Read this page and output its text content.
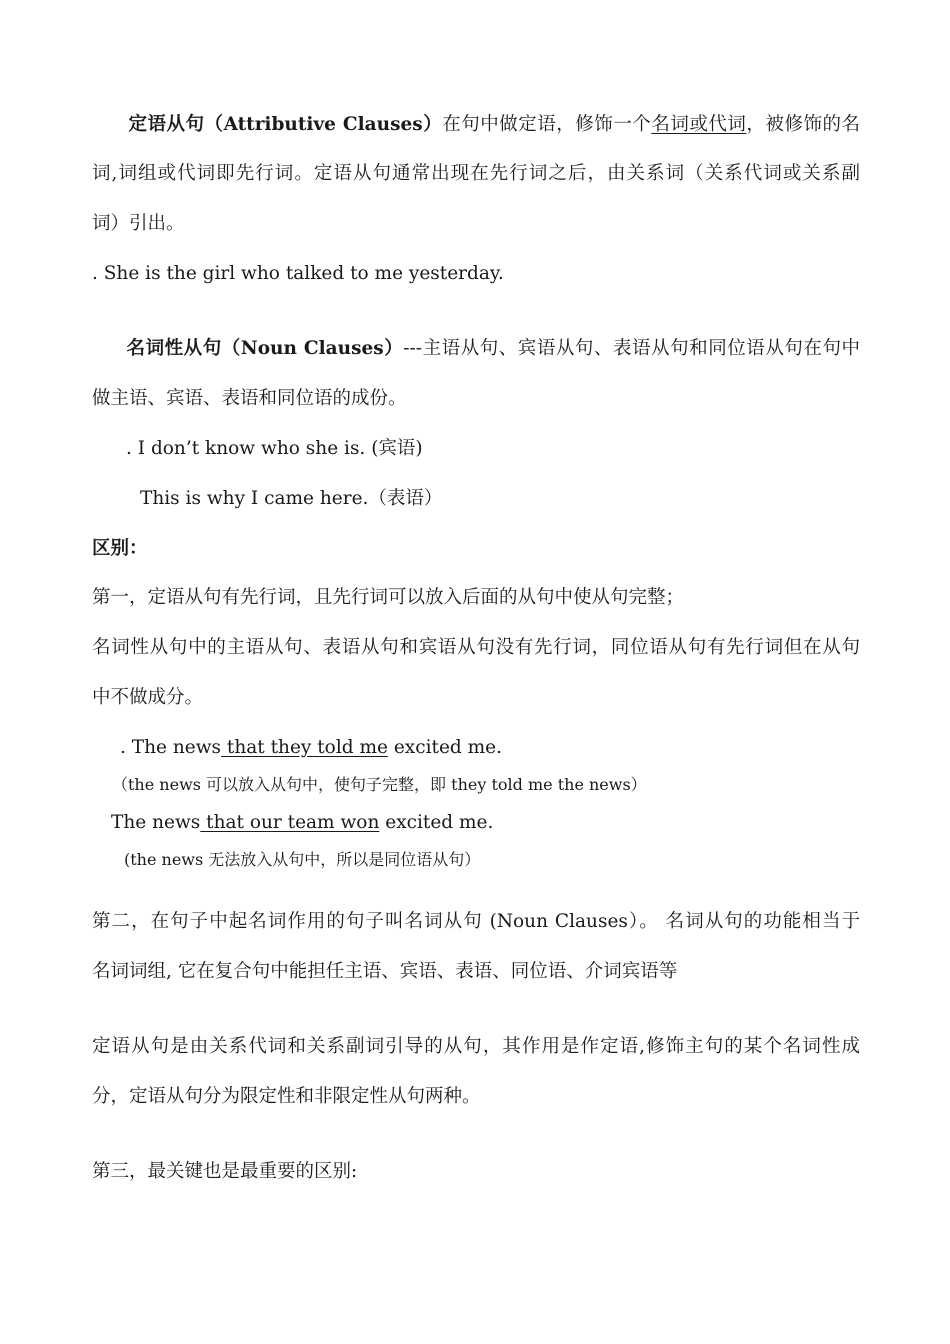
定语从句（Attributive Clauses）在句中做定语，修饰一个名词或代词，被修饰的名
词,词组或代词即先行词。定语从句通常出现在先行词之后，由关系词（关系代词或关系副
词）引出。
. She is the girl who talked to me yesterday.
名词性从句（Noun Clauses）---主语从句、宾语从句、表语从句和同位语从句在句中
做主语、宾语、表语和同位语的成份。
. I don’t know who she is. (宾语)
This is why I came here.（表语）
区别：
第一，定语从句有先行词，且先行词可以放入后面的从句中使从句完整；
名词性从句中的主语从句、表语从句和宾语从句没有先行词，同位语从句有先行词但在从句
中不做成分。
. The news that they told me excited me.
（the news 可以放入从句中，使句子完整，即 they told me the news）
The news that our team won excited me.
(the news 无法放入从句中，所以是同位语从句）
第二，在句子中起名词作用的句子叫名词从句 (Noun Clauses）。 名词从句的功能相当于
名词词组, 它在复合句中能担任主语、宾语、表语、同位语、介词宾语等
定语从句是由关系代词和关系副词引导的从句，其作用是作定语,修饰主句的某个名词性成
分，定语从句分为限定性和非限定性从句两种。
第三，最关键也是最重要的区别:
